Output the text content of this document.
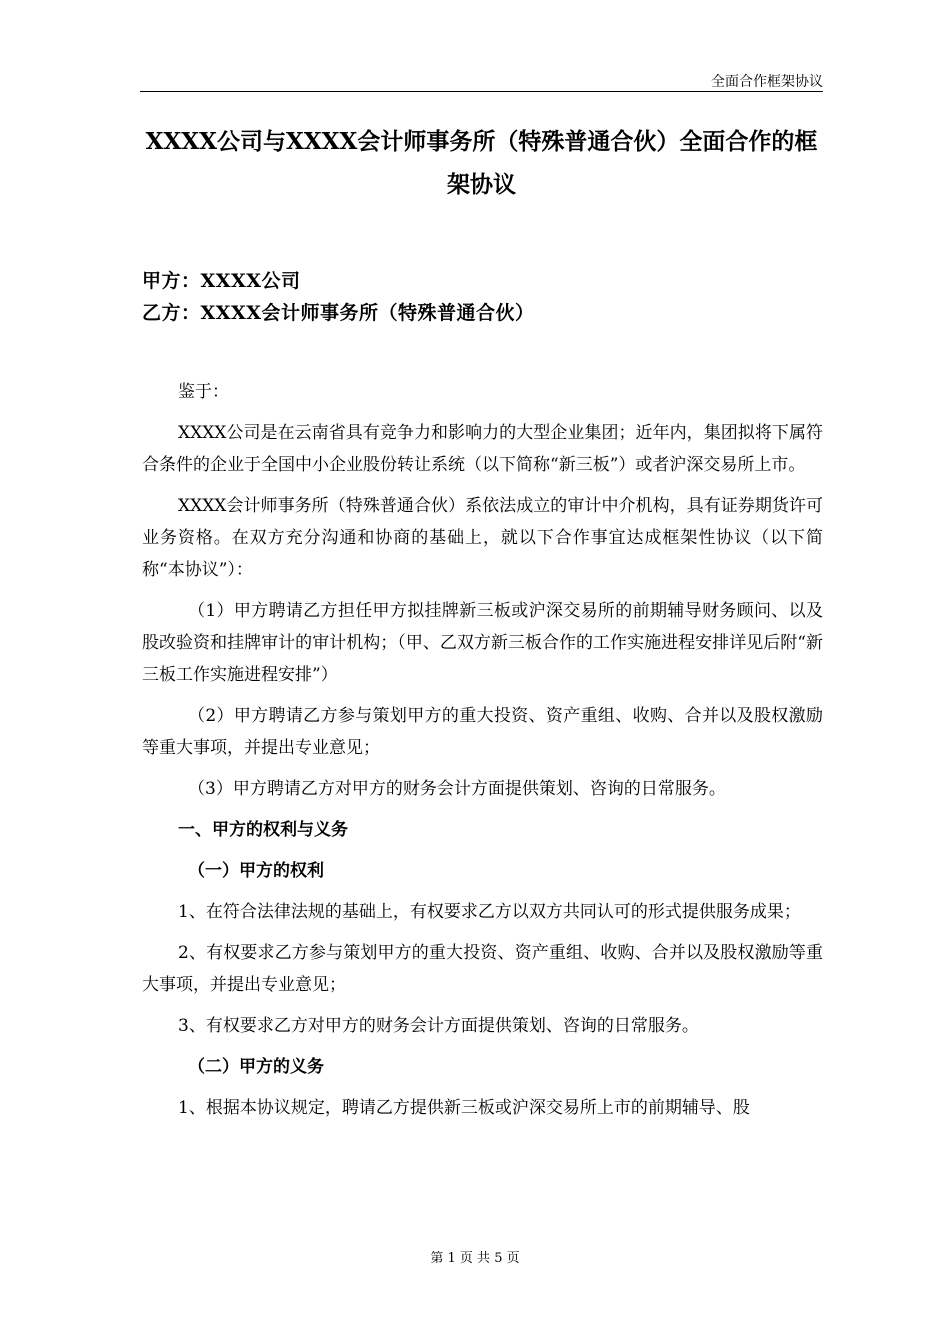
全面合作框架协议
XXXX公司与XXXX会计师事务所（特殊普通合伙）全面合作的框架协议
甲方：XXXX公司
乙方：XXXX会计师事务所（特殊普通合伙）

鉴于：

XXXX公司是在云南省具有竞争力和影响力的大型企业集团；近年内，集团拟将下属符合条件的企业于全国中小企业股份转让系统（以下简称“新三板”）或者沪深交易所上市。

XXXX会计师事务所（特殊普通合伙）系依法成立的审计中介机构，具有证券期货许可业务资格。在双方充分沟通和协商的基础上，就以下合作事宜达成框架性协议（以下简称“本协议”）：

（1）甲方聘请乙方担任甲方拟挂牌新三板或沪深交易所的前期辅导财务顾问、以及股改验资和挂牌审计的审计机构；（甲、乙双方新三板合作的工作实施进程安排详见后附“新三板工作实施进程安排”）

（2）甲方聘请乙方参与策划甲方的重大投资、资产重组、收购、合并以及股权激励等重大事项，并提出专业意见；

（3）甲方聘请乙方对甲方的财务会计方面提供策划、咨询的日常服务。

一、甲方的权利与义务

（一）甲方的权利

1、在符合法律法规的基础上，有权要求乙方以双方共同认可的形式提供服务成果；

2、有权要求乙方参与策划甲方的重大投资、资产重组、收购、合并以及股权激励等重大事项，并提出专业意见；

3、有权要求乙方对甲方的财务会计方面提供策划、咨询的日常服务。

（二）甲方的义务

1、根据本协议规定，聘请乙方提供新三板或沪深交易所上市的前期辅导、股

第 1 页 共 5 页
